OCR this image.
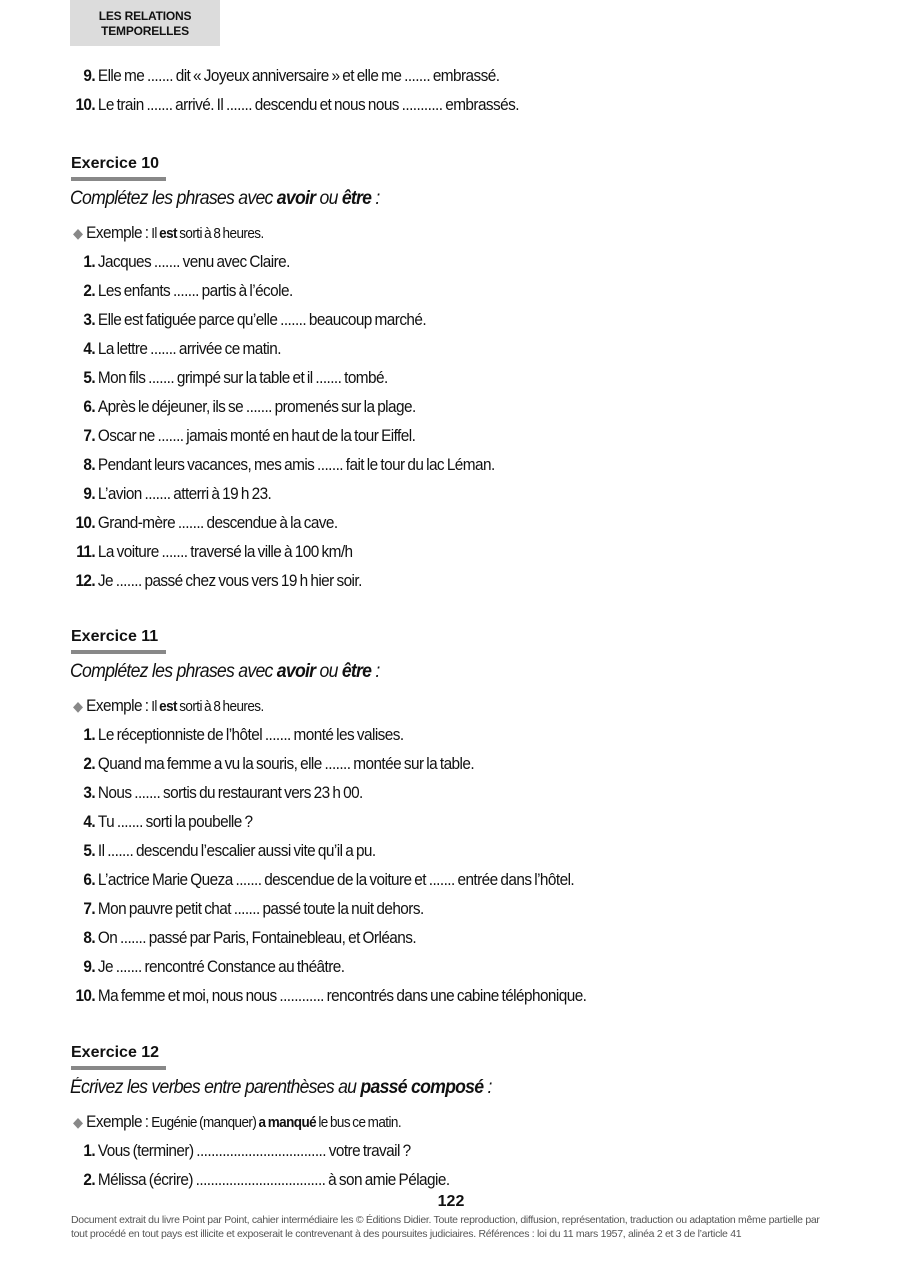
LES RELATIONS TEMPORELLES
9. Elle me ....... dit « Joyeux anniversaire » et elle me ....... embrassé.
10. Le train ....... arrivé. Il ....... descendu et nous nous ........... embrassés.
Exercice 10
Complétez les phrases avec avoir ou être :
◆ Exemple : Il est sorti à 8 heures.
1. Jacques ....... venu avec Claire.
2. Les enfants ....... partis à l’école.
3. Elle est fatiguée parce qu’elle ....... beaucoup marché.
4. La lettre ....... arrivée ce matin.
5. Mon fils ....... grimpé sur la table et il ....... tombé.
6. Après le déjeuner, ils se ....... promenés sur la plage.
7. Oscar ne ....... jamais monté en haut de la tour Eiffel.
8. Pendant leurs vacances, mes amis ....... fait le tour du lac Léman.
9. L’avion ....... atterri à 19 h 23.
10. Grand-mère ....... descendue à la cave.
11. La voiture ....... traversé la ville à 100 km/h
12. Je ....... passé chez vous vers 19 h hier soir.
Exercice 11
Complétez les phrases avec avoir ou être :
◆ Exemple : Il est sorti à 8 heures.
1. Le réceptionniste de l’hôtel ....... monté les valises.
2. Quand ma femme a vu la souris, elle ....... montée sur la table.
3. Nous ....... sortis du restaurant vers 23 h 00.
4. Tu ....... sorti la poubelle ?
5. Il ....... descendu l’escalier aussi vite qu’il a pu.
6. L’actrice Marie Queza ....... descendue de la voiture et ....... entrée dans l’hôtel.
7. Mon pauvre petit chat ....... passé toute la nuit dehors.
8. On ....... passé par Paris, Fontainebleau, et Orléans.
9. Je ....... rencontré Constance au théâtre.
10. Ma femme et moi, nous nous ............ rencontrés dans une cabine téléphonique.
Exercice 12
Écrivez les verbes entre parenthèses au passé composé :
◆ Exemple : Eugénie (manquer) a manqué le bus ce matin.
1. Vous (terminer) ................................... votre travail ?
2. Mélissa (écrire) ................................... à son amie Pélagie.
122
Document extrait du livre Point par Point, cahier intermédiaire les © Éditions Didier. Toute reproduction, diffusion, représentation, traduction ou adaptation même partielle par tout procédé en tout pays est illicite et exposerait le contrevenant à des poursuites judiciaires. Références : loi du 11 mars 1957, alinéa 2 et 3 de l’article 41
